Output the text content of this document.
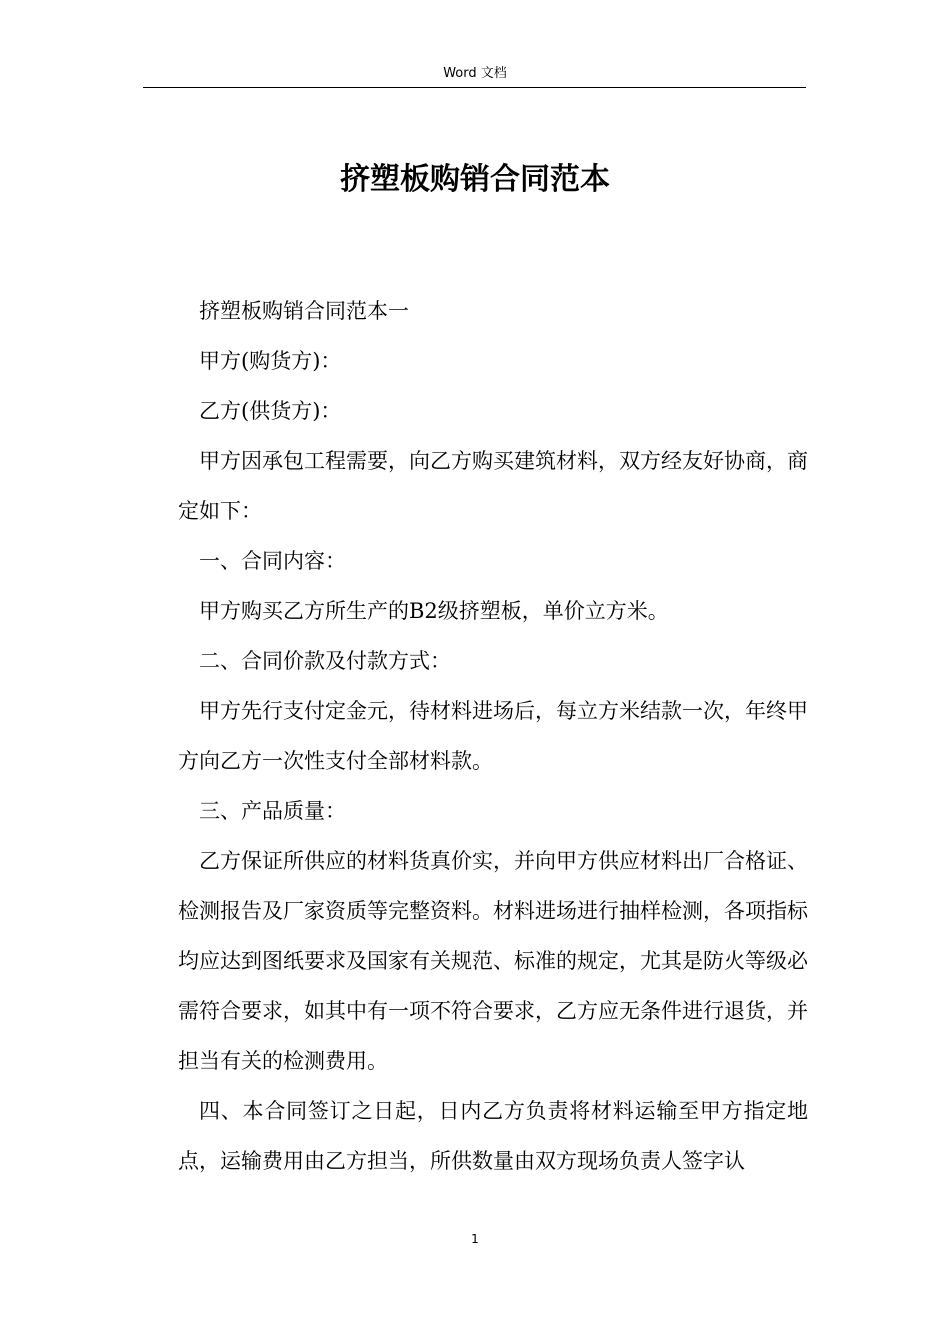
Word 文档
挤塑板购销合同范本

挤塑板购销合同范本一

甲方(购货方)：

乙方(供货方)：

甲方因承包工程需要，向乙方购买建筑材料，双方经友好协商，商定如下：

一、合同内容：

甲方购买乙方所生产的B2级挤塑板，单价立方米。

二、合同价款及付款方式：

甲方先行支付定金元，待材料进场后，每立方米结款一次，年终甲方向乙方一次性支付全部材料款。

三、产品质量：

乙方保证所供应的材料货真价实，并向甲方供应材料出厂合格证、检测报告及厂家资质等完整资料。材料进场进行抽样检测，各项指标均应达到图纸要求及国家有关规范、标准的规定，尤其是防火等级必需符合要求，如其中有一项不符合要求，乙方应无条件进行退货，并担当有关的检测费用。

四、本合同签订之日起，日内乙方负责将材料运输至甲方指定地点，运输费用由乙方担当，所供数量由双方现场负责人签字认

1
